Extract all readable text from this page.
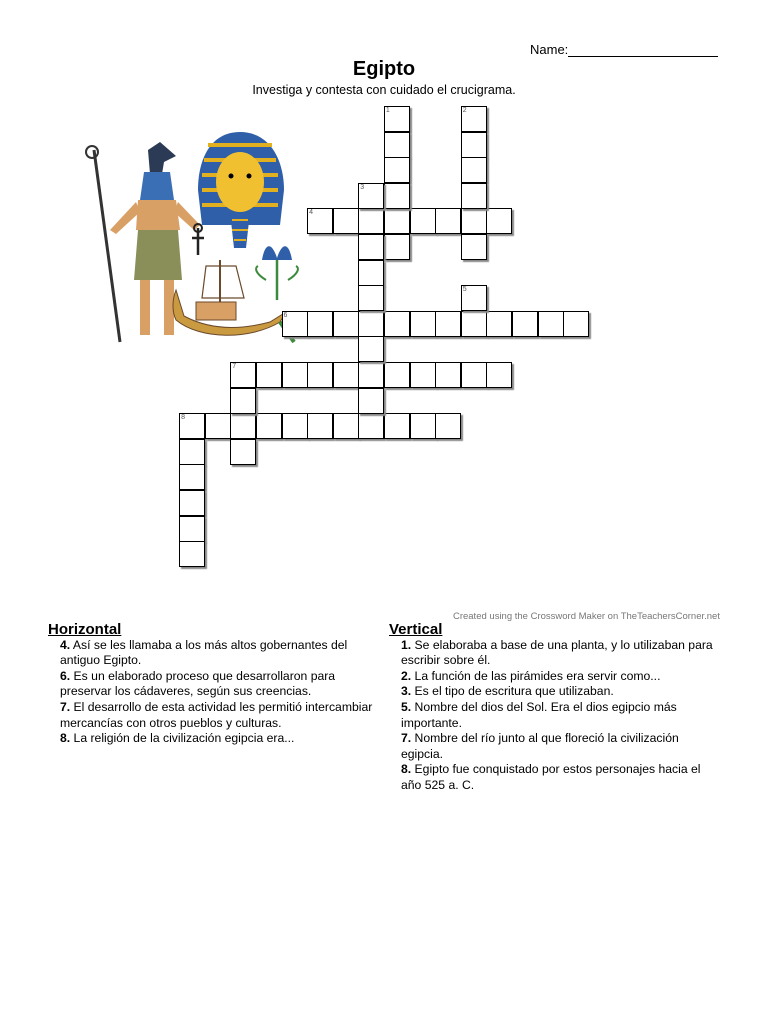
Name:
Egipto
Investiga y contesta con cuidado el crucigrama.
4
6
7
8
1	2
3
5
Created using the Crossword Maker on TheTeachersCorner.net
Horizontal
4. Así se les llamaba a los más altos gobernantes del antiguo Egipto.
6. Es un elaborado proceso que desarrollaron para preservar los cádaveres, según sus creencias.
7. El desarrollo de esta actividad les permitió intercambiar mercancías con otros pueblos y culturas.
8. La religión de la civilización egipcia era...
Vertical
1. Se elaboraba a base de una planta, y lo utilizaban para escribir sobre él.
2. La función de las pirámides era servir como...
3. Es el tipo de escritura que utilizaban.
5. Nombre del dios del Sol. Era el dios egipcio más importante.
7. Nombre del río junto al que floreció la civilización egipcia.
8. Egipto fue conquistado por estos personajes hacia el año 525 a. C.
